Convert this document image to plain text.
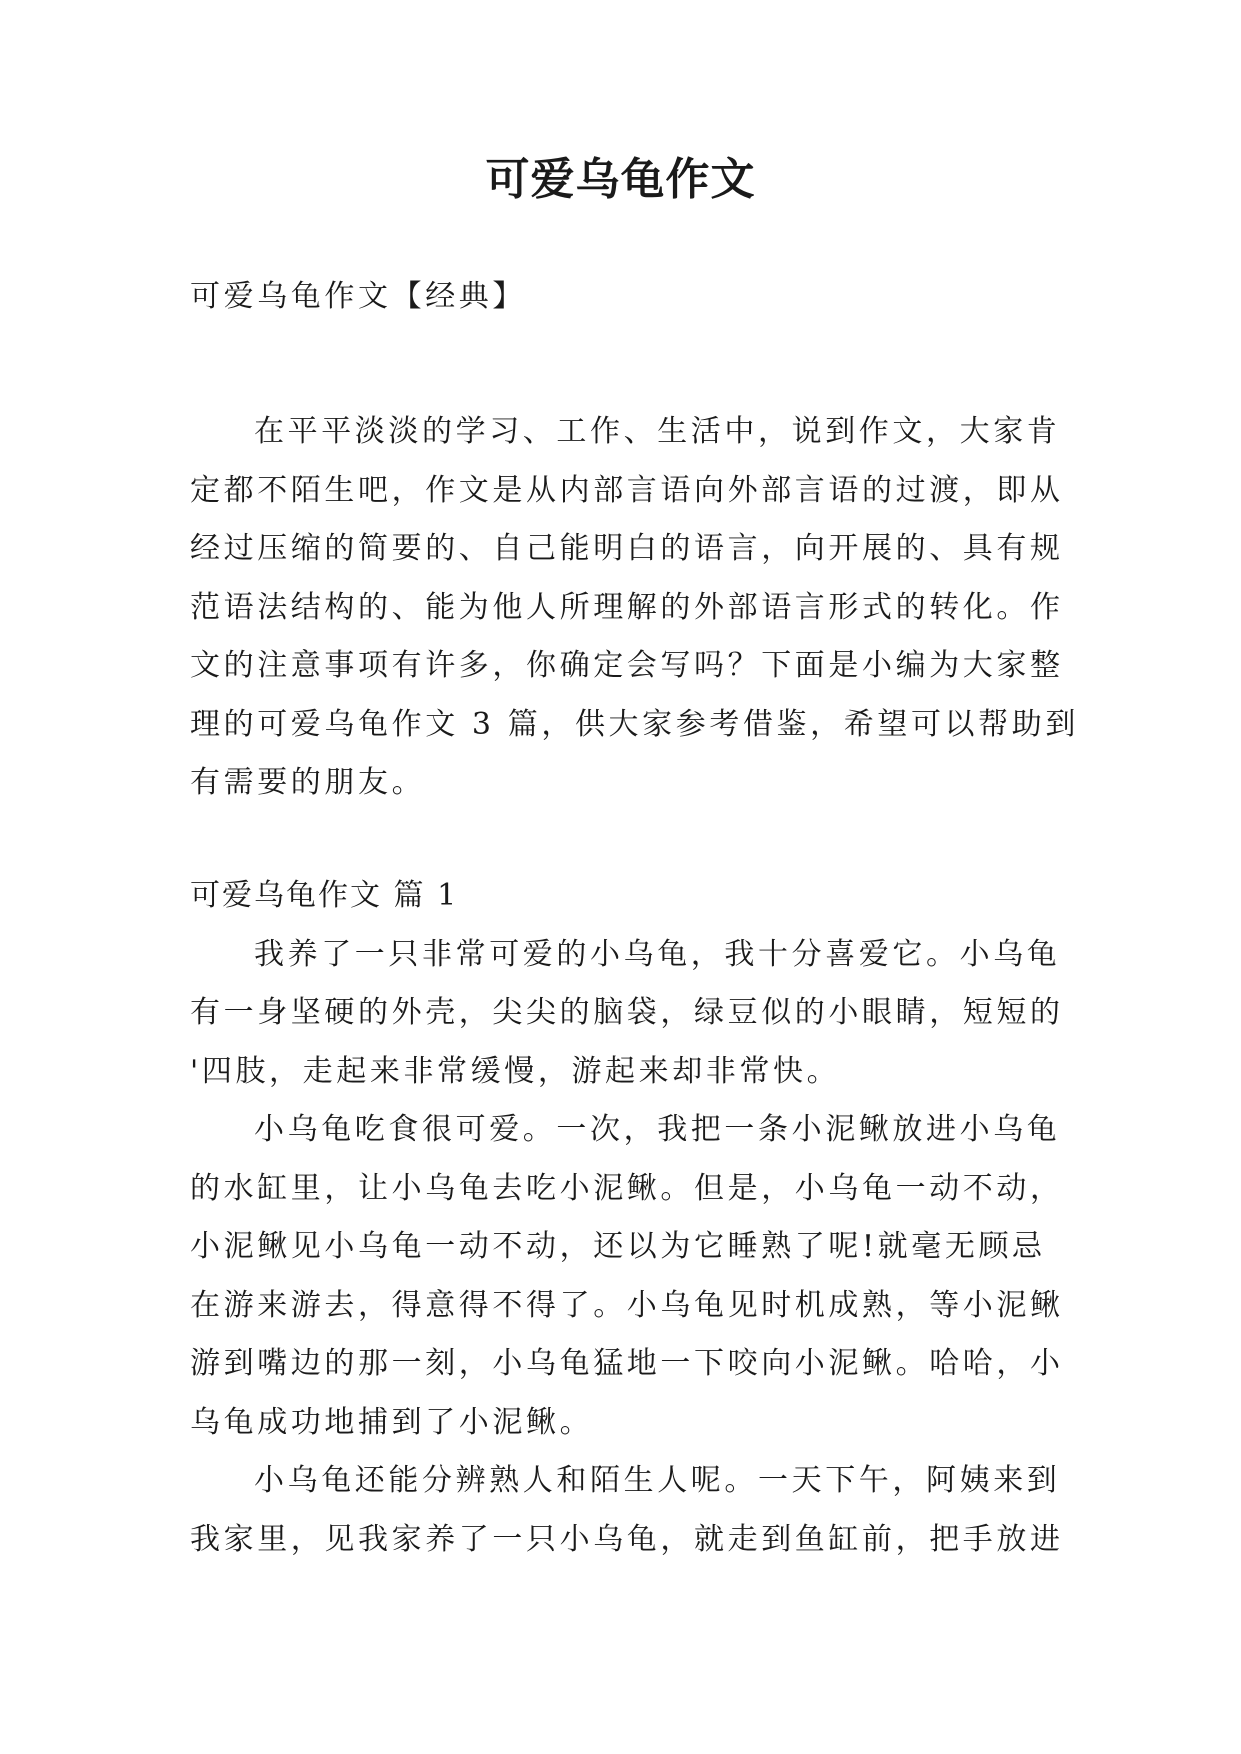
可爱乌龟作文

可爱乌龟作文【经典】

在平平淡淡的学习、工作、生活中，说到作文，大家肯

定都不陌生吧，作文是从内部言语向外部言语的过渡，即从

经过压缩的简要的、自己能明白的语言，向开展的、具有规

范语法结构的、能为他人所理解的外部语言形式的转化。作

文的注意事项有许多，你确定会写吗？下面是小编为大家整

理的可爱乌龟作文 3 篇，供大家参考借鉴，希望可以帮助到

有需要的朋友。

可爱乌龟作文 篇 1

我养了一只非常可爱的小乌龟，我十分喜爱它。小乌龟

有一身坚硬的外壳，尖尖的脑袋，绿豆似的小眼睛，短短的

'四肢，走起来非常缓慢，游起来却非常快。

小乌龟吃食很可爱。一次，我把一条小泥鳅放进小乌龟

的水缸里，让小乌龟去吃小泥鳅。但是，小乌龟一动不动，

小泥鳅见小乌龟一动不动，还以为它睡熟了呢!就毫无顾忌

在游来游去，得意得不得了。小乌龟见时机成熟，等小泥鳅

游到嘴边的那一刻，小乌龟猛地一下咬向小泥鳅。哈哈，小

乌龟成功地捕到了小泥鳅。

小乌龟还能分辨熟人和陌生人呢。一天下午，阿姨来到

我家里，见我家养了一只小乌龟，就走到鱼缸前，把手放进
